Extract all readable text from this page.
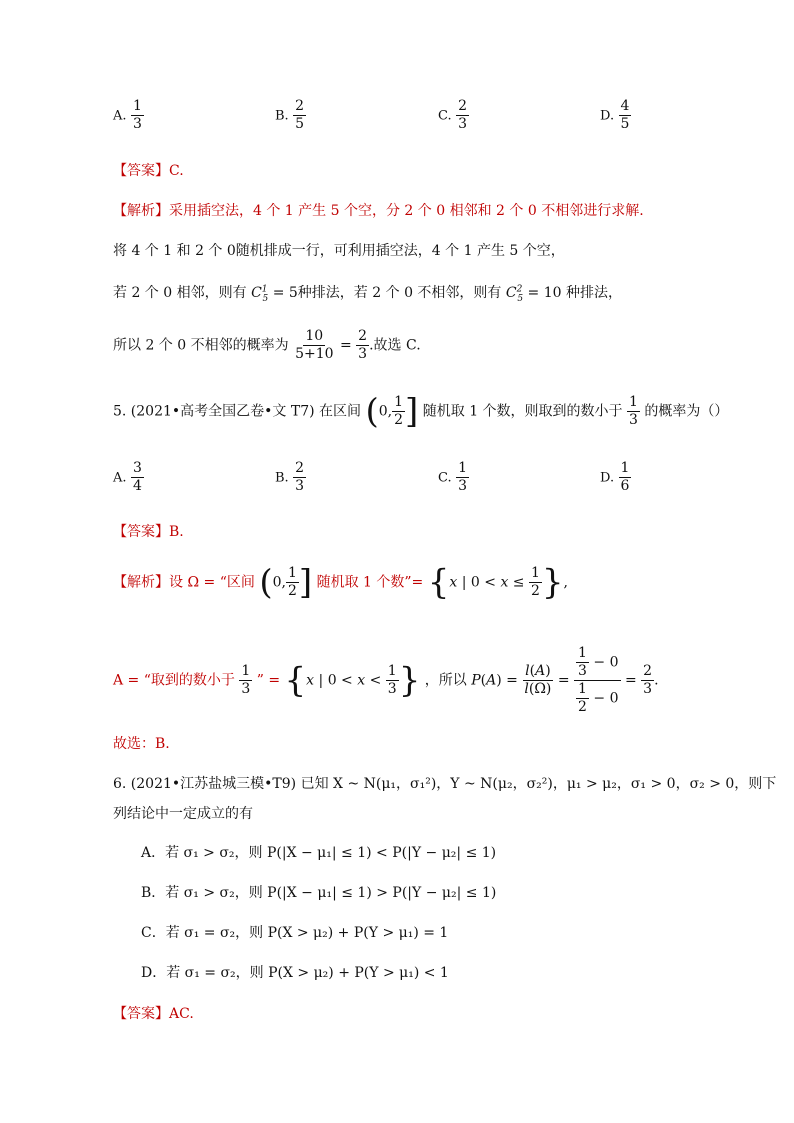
A. $\frac{1}{3}$	B. $\frac{2}{5}$	C. $\frac{2}{3}$	D. $\frac{4}{5}$
【答案】C.
【解析】采用插空法，4 个 1 产生 5 个空，分 2 个 0 相邻和 2 个 0 不相邻进行求解.
将 4 个 1 和 2 个 0随机排成一行，可利用插空法，4 个 1 产生 5 个空，
若 2 个 0 相邻，则有 $C^1_5 = 5$种排法，若 2 个 0 不相邻，则有 $C^2_5 = 10$ 种排法，
所以 2 个 0 不相邻的概率为 $\frac{10}{5+10} = \frac{2}{3}$ .故选 C.
5. (2021•高考全国乙卷•文 T7) 在区间 (0, $\frac{1}{2}$ ] 随机取 1 个数，则取到的数小于 $\frac{1}{3}$ 的概率为（）
A. $\frac{3}{4}$	B. $\frac{2}{3}$	C. $\frac{1}{3}$	D. $\frac{1}{6}$
【答案】B.
【解析】设 Ω = “区间 (0, $\frac{1}{2}$ ] 随机取 1 个数”= {x | $0 < x \le \frac{1}{2}$ },
A = “取到的数小于 $\frac{1}{3}$ ” = {x | $0 < x < \frac{1}{3}$ } ，所以 $P(A) = \frac{l(A)}{l(\Omega)} = \frac{\frac{1}{3} - 0}{\frac{1}{2} - 0} = \frac{2}{3}$ .
故选：B.
6. (2021•江苏盐城三模•T9) 已知 X ~ N(μ₁，σ₁²)，Y ~ N(μ₂，σ₂²)，μ₁ > μ₂，σ₁ > 0，σ₂ > 0，则下
列结论中一定成立的有
A．若 σ₁ > σ₂，则 P(|X − μ₁| ≤ 1) < P(|Y − μ₂| ≤ 1)
B．若 σ₁ > σ₂，则 P(|X − μ₁| ≤ 1) > P(|Y − μ₂| ≤ 1)
C．若 σ₁ = σ₂，则 P(X > μ₂) + P(Y > μ₁) = 1
D．若 σ₁ = σ₂，则 P(X > μ₂) + P(Y > μ₁) < 1
【答案】AC.
